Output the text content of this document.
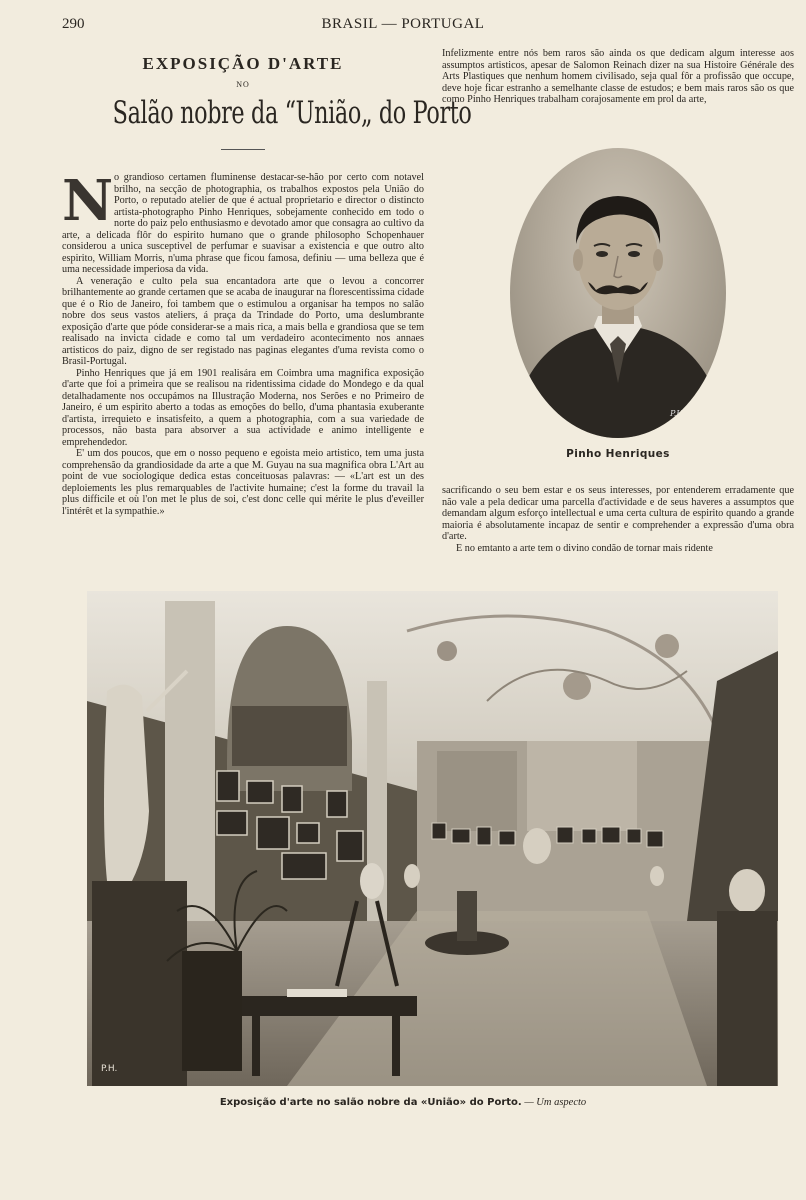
290	BRASIL — PORTUGAL
EXPOSIÇÃO D'ARTE
NO
Salão nobre da “União„ do Porto

N o grandioso certamen fluminense destacar-se-hão por certo com notavel brilho, na secção de photographia, os trabalhos expostos pela União do Porto, o reputado atelier de que é actual proprietario e director o distincto artista-photographo Pinho Henriques, sobejamente conhecido em todo o norte do paiz pelo enthusiasmo e devotado amor que consagra ao cultivo da arte, a delicada flôr do espirito humano que o grande philosopho Schopenhauer considerou a unica susceptivel de perfumar e suavisar a existencia e que outro alto espirito, William Morris, n'uma phrase que ficou famosa, definiu — uma belleza que é uma necessidade imperiosa da vida.

A veneração e culto pela sua encantadora arte que o levou a concorrer brilhantemente ao grande certamen que se acaba de inaugurar na florescentissima cidade que é o Rio de Janeiro, foi tambem que o estimulou a organisar ha tempos no salão nobre dos seus vastos ateliers, á praça da Trindade do Porto, uma deslumbrante exposição d'arte que póde considerar-se a mais rica, a mais bella e grandiosa que se tem realisado na invicta cidade e como tal um verdadeiro acontecimento nos annaes artisticos do paiz, digno de ser registado nas paginas elegantes d'uma revista como o Brasil-Portugal.

Pinho Henriques que já em 1901 realisára em Coimbra uma magnifica exposição d'arte que foi a primeira que se realisou na ridentissima cidade do Mondego e da qual detalhadamente nos occupámos na Illustração Moderna, nos Serões e no Primeiro de Janeiro, é um espirito aberto a todas as emoções do bello, d'uma phantasia exuberante d'artista, irrequieto e insatisfeito, a quem a photographia, com a sua variedade de processos, não basta para absorver a sua actividade e animo intelligente e emprehendedor.

E' um dos poucos, que em o nosso pequeno e egoista meio artistico, tem uma justa comprehensão da grandiosidade da arte a que M. Guyau na sua magnifica obra L'Art au point de vue sociologique dedica estas conceituosas palavras: — «L'art est un des deploiements les plus remarquables de l'activite humaine; c'est la forme du travail la plus difficile et où l'on met le plus de soi, c'est donc celle qui mérite le plus d'eveiller l'intérêt et la sympathie.»

Infelizmente entre nós bem raros são ainda os que dedicam algum interesse aos assumptos artisticos, apesar de Salomon Reinach dizer na sua Histoire Générale des Arts Plastiques que nenhum homem civilisado, seja qual fôr a profissão que occupe, deve hoje ficar estranho a semelhante classe de estudos; e bem mais raros são os que como Pinho Henriques trabalham corajosamente em prol da arte,

P.H. 1901
Pinho Henriques

sacrificando o seu bem estar e os seus interesses, por entenderem erradamente que não vale a pela dedicar uma parcella d'actividade e de seus haveres a assumptos que demandam algum esforço intellectual e uma certa cultura de espirito quando a grande maioria é absolutamente incapaz de sentir e comprehender a expressão d'uma obra d'arte.

E no emtanto a arte tem o divino condão de tornar mais ridente

P.H.
Exposição d'arte no salão nobre da «União» do Porto. — Um aspecto
